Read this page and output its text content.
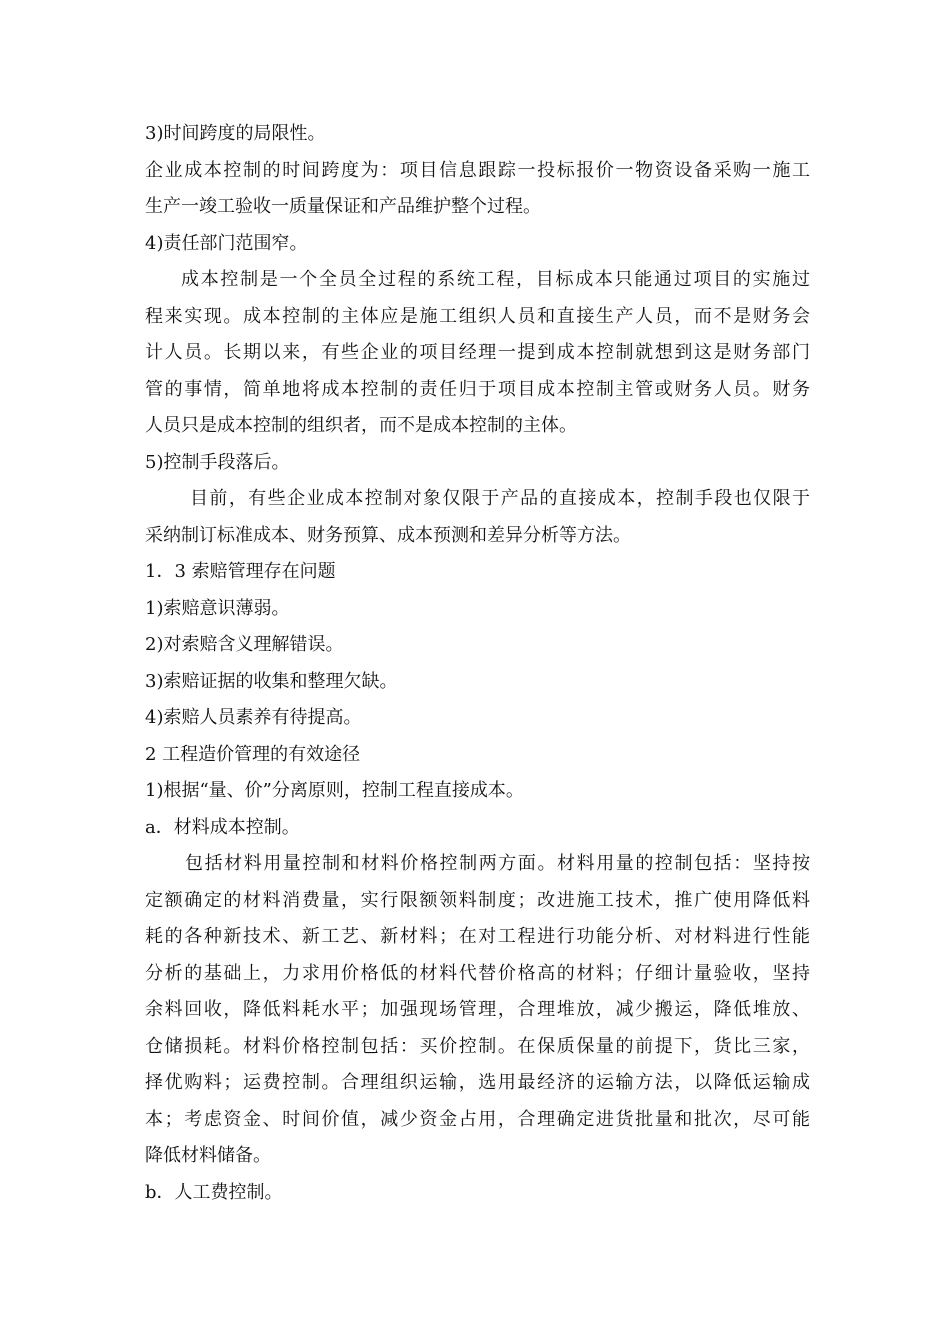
3)时间跨度的局限性。

企业成本控制的时间跨度为：项目信息跟踪一投标报价一物资设备采购一施工

生产一竣工验收一质量保证和产品维护整个过程。

4)责任部门范围窄。

成本控制是一个全员全过程的系统工程，目标成本只能通过项目的实施过

程来实现。成本控制的主体应是施工组织人员和直接生产人员，而不是财务会

计人员。长期以来，有些企业的项目经理一提到成本控制就想到这是财务部门

管的事情，简单地将成本控制的责任归于项目成本控制主管或财务人员。财务

人员只是成本控制的组织者，而不是成本控制的主体。

5)控制手段落后。

目前，有些企业成本控制对象仅限于产品的直接成本，控制手段也仅限于

采纳制订标准成本、财务预算、成本预测和差异分析等方法。

1．3 索赔管理存在问题

1)索赔意识薄弱。

2)对索赔含义理解错误。

3)索赔证据的收集和整理欠缺。

4)索赔人员素养有待提高。

2 工程造价管理的有效途径

1)根据“量、价”分离原则，控制工程直接成本。

a．材料成本控制。

包括材料用量控制和材料价格控制两方面。材料用量的控制包括：坚持按

定额确定的材料消费量，实行限额领料制度；改进施工技术，推广使用降低料

耗的各种新技术、新工艺、新材料；在对工程进行功能分析、对材料进行性能

分析的基础上，力求用价格低的材料代替价格高的材料；仔细计量验收，坚持

余料回收，降低料耗水平；加强现场管理，合理堆放，减少搬运，降低堆放、

仓储损耗。材料价格控制包括：买价控制。在保质保量的前提下，货比三家，

择优购料；运费控制。合理组织运输，选用最经济的运输方法，以降低运输成

本；考虑资金、时间价值，减少资金占用，合理确定进货批量和批次，尽可能

降低材料储备。

b．人工费控制。
